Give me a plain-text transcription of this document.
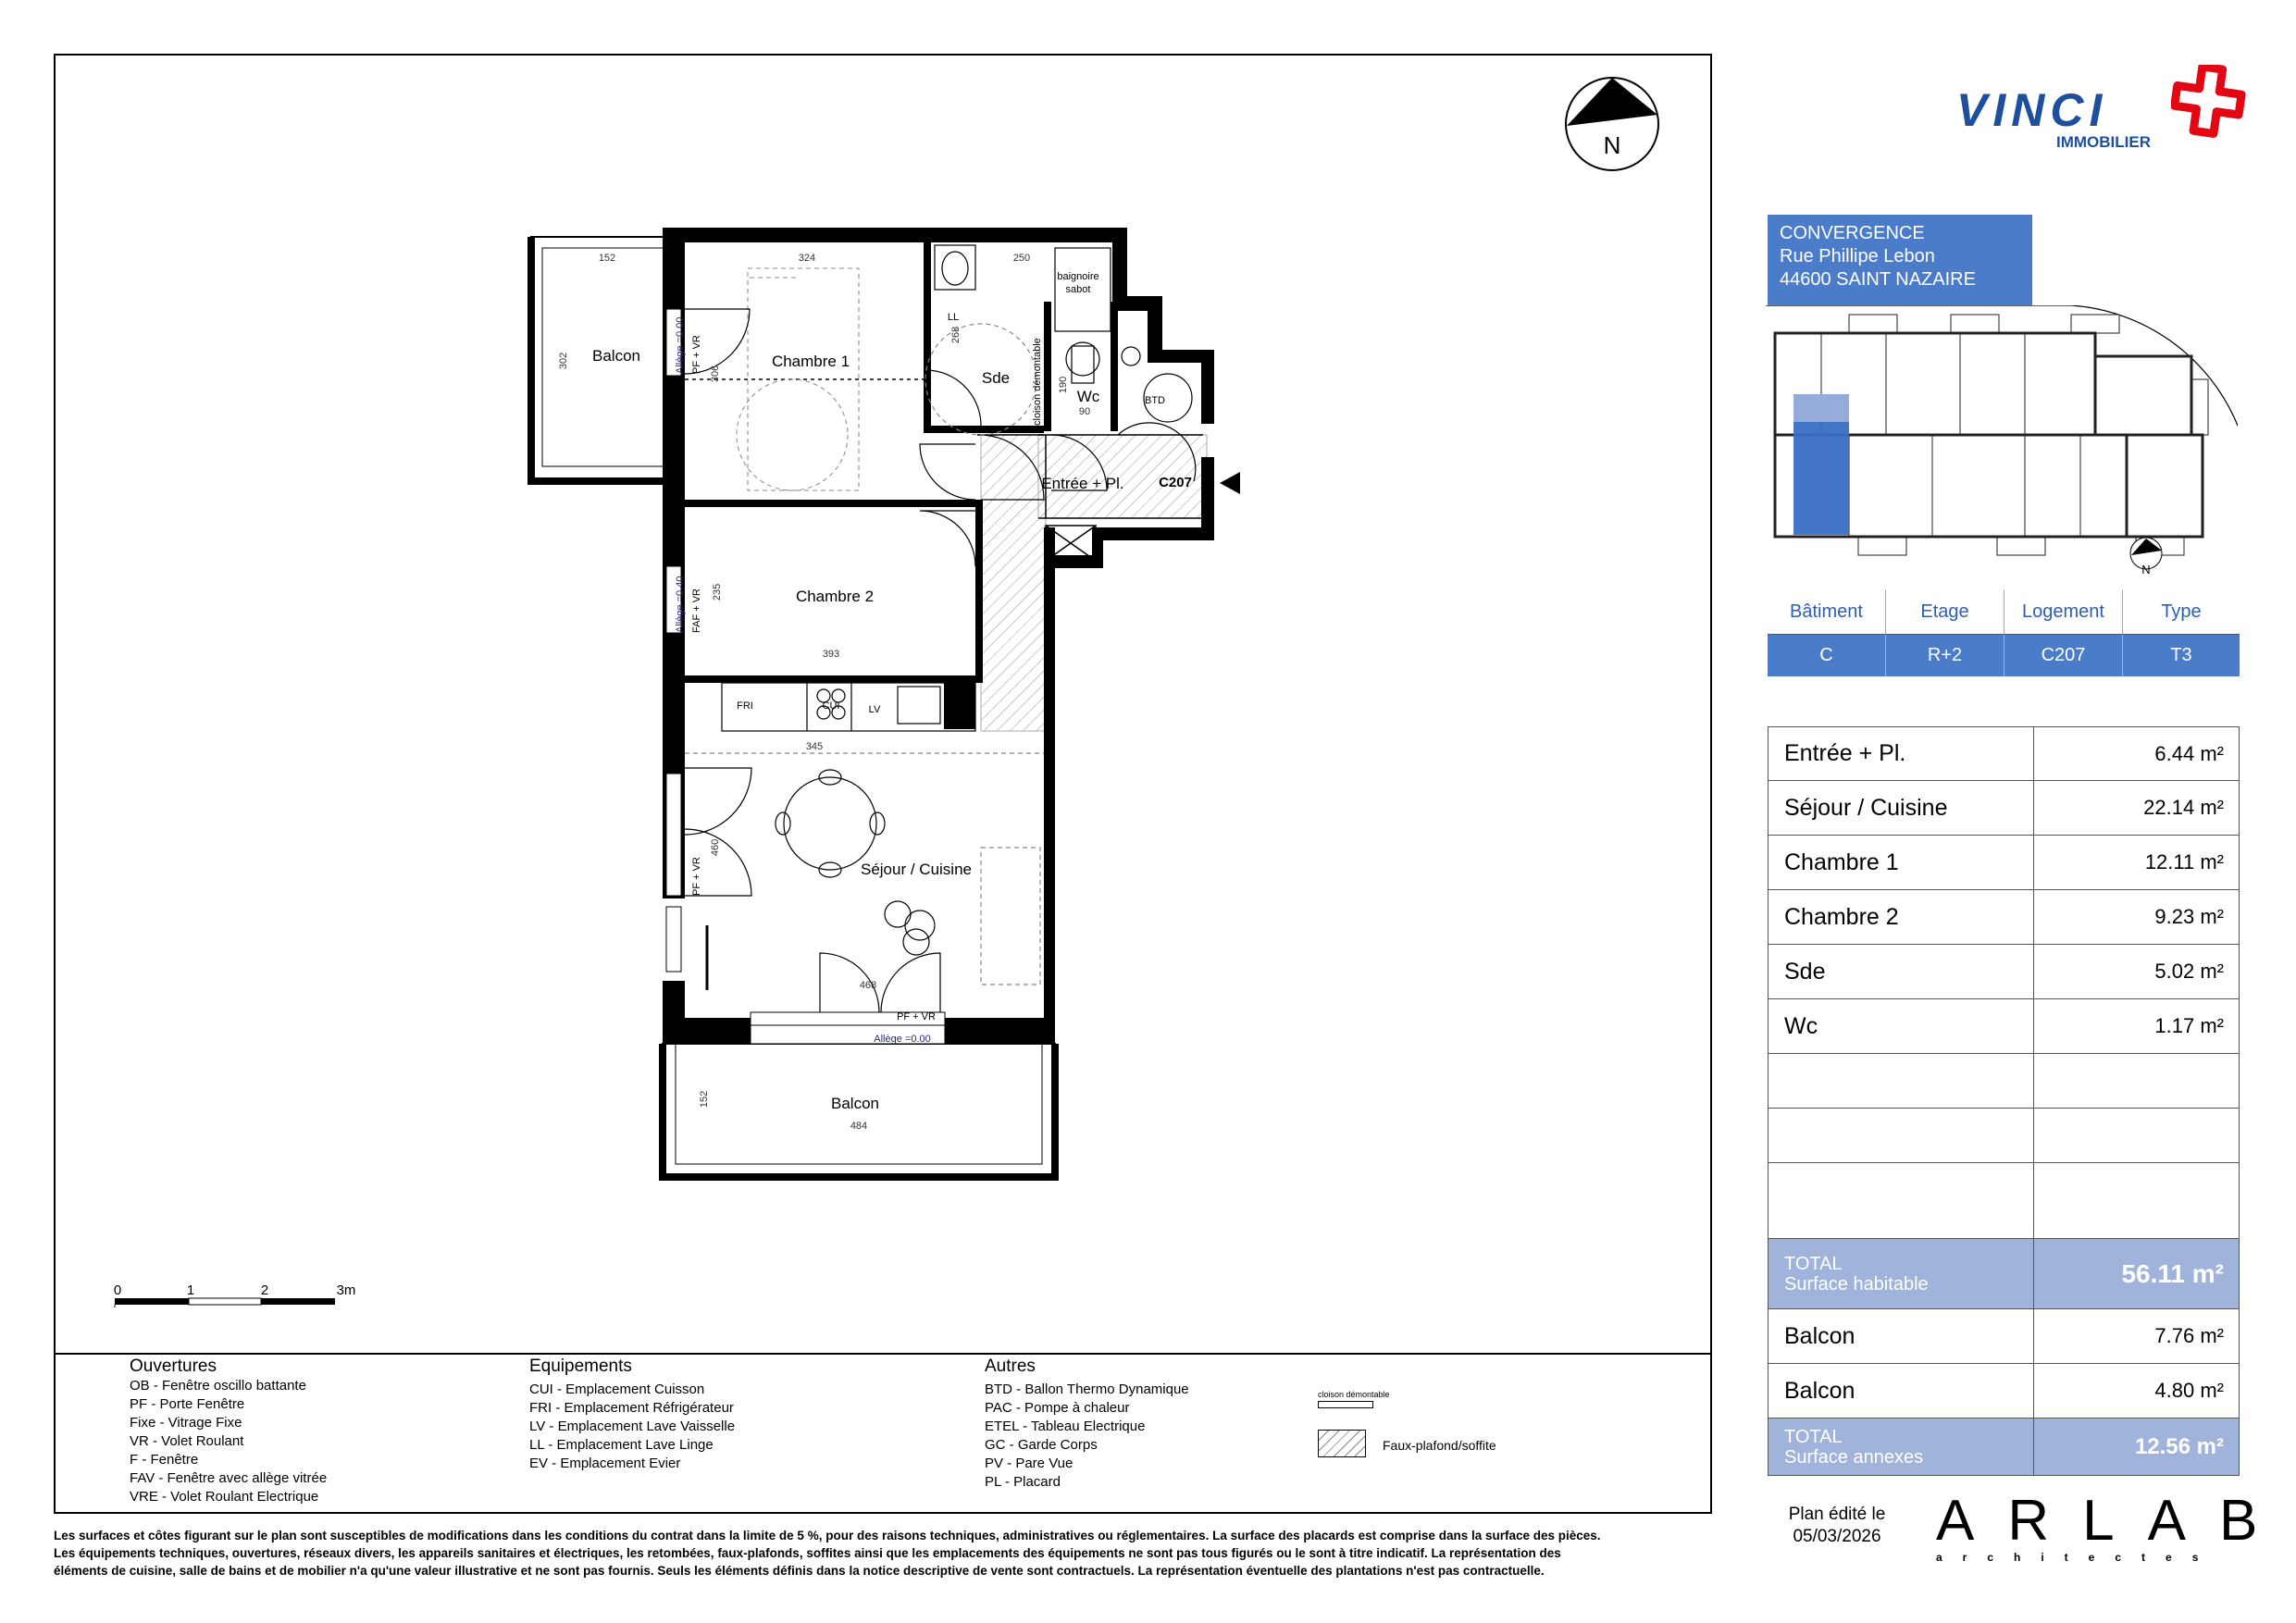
N
Balcon	Chambre 1
Sde
Wc
Entrée + Pl. C207
Chambre 2
Séjour / Cuisine
Balcon
baignoire
sabot
BTD
FRI	CUI	LV
LL
cloison démontable
Allège =0.00
Allège =0.40
PF + VR
FAF + VR
PF + VR
Allège =0.00
PF + VR
152	324	250
302
306
268
190
90
235
393
345
460
468
152
484
0	1	2	3m
Ouvertures
OB - Fenêtre oscillo battante
PF - Porte Fenêtre
Fixe - Vitrage Fixe
VR - Volet Roulant
F - Fenêtre
FAV - Fenêtre avec allège vitrée
VRE - Volet Roulant Electrique
Equipements
CUI - Emplacement Cuisson
FRI - Emplacement Réfrigérateur
LV - Emplacement Lave Vaisselle
LL - Emplacement Lave Linge
EV - Emplacement Evier
Autres
BTD - Ballon Thermo Dynamique
PAC - Pompe à chaleur
ETEL - Tableau Electrique
GC - Garde Corps
PV - Pare Vue
PL - Placard
cloison démontable
Faux-plafond/soffite
VINCI
IMMOBILIER
CONVERGENCE
Rue Phillipe Lebon
44600 SAINT NAZAIRE
N
Bâtiment	Etage	Logement	Type
C	R+2	C207	T3
Entrée + Pl.	6.44 m²
Séjour / Cuisine	22.14 m²
Chambre 1	12.11 m²
Chambre 2	9.23 m²
Sde	5.02 m²
Wc	1.17 m²
TOTAL
Surface habitable	56.11 m²
Balcon	7.76 m²
Balcon	4.80 m²
TOTAL
Surface annexes	12.56 m²
Plan édité le
05/03/2026 ARLAB
architectes
Les surfaces et côtes figurant sur le plan sont susceptibles de modifications dans les conditions du contrat dans la limite de 5 %, pour des raisons techniques, administratives ou réglementaires. La surface des placards est comprise dans la surface des pièces.
Les équipements techniques, ouvertures, réseaux divers, les appareils sanitaires et électriques, les retombées, faux-plafonds, soffites ainsi que les emplacements des équipements ne sont pas tous figurés ou le sont à titre indicatif. La représentation des
éléments de cuisine, salle de bains et de mobilier n'a qu'une valeur illustrative et ne sont pas fournis. Seuls les éléments définis dans la notice descriptive de vente sont contractuels. La représentation éventuelle des plantations n'est pas contractuelle.
